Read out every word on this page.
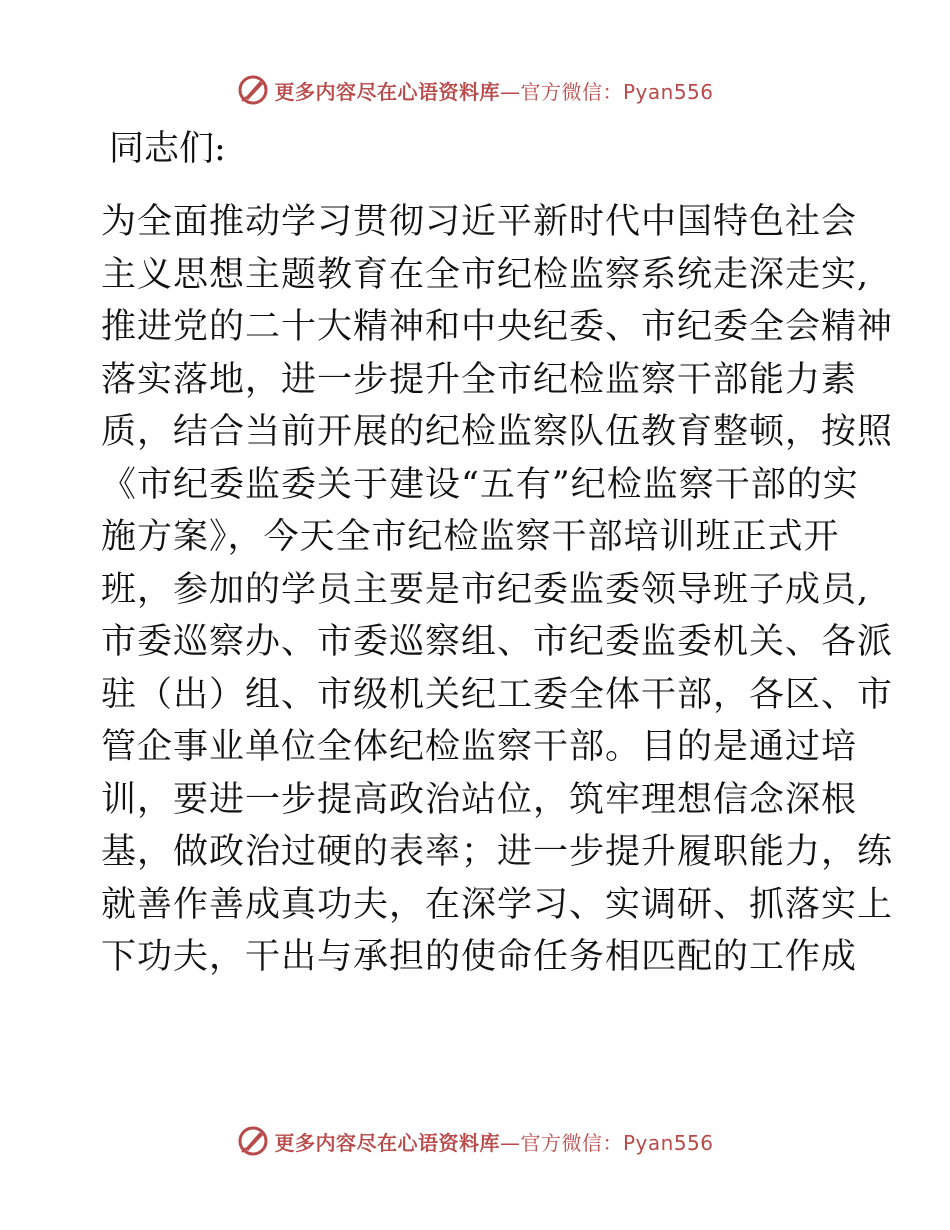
更多内容尽在心语资料库—官方微信：Pyan556

同志们:

为全面推动学习贯彻习近平新时代中国特色社会
主义思想主题教育在全市纪检监察系统走深走实,
推进党的二十大精神和中央纪委、市纪委全会精神
落实落地，进一步提升全市纪检监察干部能力素
质，结合当前开展的纪检监察队伍教育整顿，按照
《市纪委监委关于建设“五有”纪检监察干部的实
施方案》，今天全市纪检监察干部培训班正式开
班，参加的学员主要是市纪委监委领导班子成员,
市委巡察办、市委巡察组、市纪委监委机关、各派
驻（出）组、市级机关纪工委全体干部，各区、市
管企事业单位全体纪检监察干部。目的是通过培
训，要进一步提高政治站位，筑牢理想信念深根
基，做政治过硬的表率；进一步提升履职能力，练
就善作善成真功夫，在深学习、实调研、抓落实上
下功夫，干出与承担的使命任务相匹配的工作成
更多内容尽在心语资料库—官方微信：Pyan556
